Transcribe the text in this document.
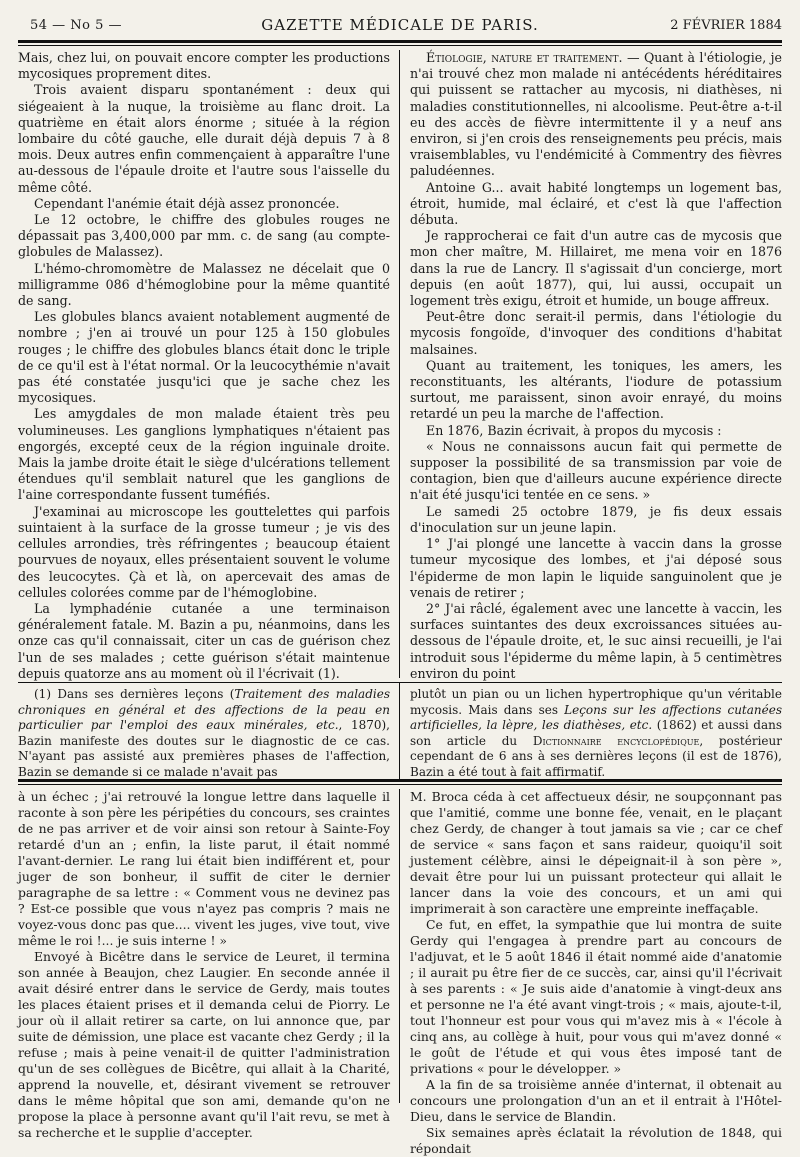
54 — No 5 —	GAZETTE MÉDICALE DE PARIS.	2 FÉVRIER 1884

Mais, chez lui, on pouvait encore compter les productions mycosiques proprement dites.

Trois avaient disparu spontanément : deux qui siégeaient à la nuque, la troisième au flanc droit. La quatrième en était alors énorme ; située à la région lombaire du côté gauche, elle durait déjà depuis 7 à 8 mois. Deux autres enfin commençaient à apparaître l'une au-dessous de l'épaule droite et l'autre sous l'aisselle du même côté.

Cependant l'anémie était déjà assez prononcée.

Le 12 octobre, le chiffre des globules rouges ne dépassait pas 3,400,000 par mm. c. de sang (au compte-globules de Malassez).

L'hémo-chromomètre de Malassez ne décelait que 0 milligramme 086 d'hémoglobine pour la même quantité de sang.

Les globules blancs avaient notablement augmenté de nombre ; j'en ai trouvé un pour 125 à 150 globules rouges ; le chiffre des globules blancs était donc le triple de ce qu'il est à l'état normal. Or la leucocythémie n'avait pas été constatée jusqu'ici que je sache chez les mycosiques.

Les amygdales de mon malade étaient très peu volumineuses. Les ganglions lymphatiques n'étaient pas engorgés, excepté ceux de la région inguinale droite. Mais la jambe droite était le siège d'ulcérations tellement étendues qu'il semblait naturel que les ganglions de l'aine correspondante fussent tuméfiés.

J'examinai au microscope les gouttelettes qui parfois suintaient à la surface de la grosse tumeur ; je vis des cellules arrondies, très réfringentes ; beaucoup étaient pourvues de noyaux, elles présentaient souvent le volume des leucocytes. Çà et là, on apercevait des amas de cellules colorées comme par de l'hémoglobine.

La lymphadénie cutanée a une terminaison généralement fatale. M. Bazin a pu, néanmoins, dans les onze cas qu'il connaissait, citer un cas de guérison chez l'un de ses malades ; cette guérison s'était maintenue depuis quatorze ans au moment où il l'écrivait (1).

Étiologie, nature et traitement. — Quant à l'étiologie, je n'ai trouvé chez mon malade ni antécédents héréditaires qui puissent se rattacher au mycosis, ni diathèses, ni maladies constitutionnelles, ni alcoolisme. Peut-être a-t-il eu des accès de fièvre intermittente il y a neuf ans environ, si j'en crois des renseignements peu précis, mais vraisemblables, vu l'endémicité à Commentry des fièvres paludéennes.

Antoine G... avait habité longtemps un logement bas, étroit, humide, mal éclairé, et c'est là que l'affection débuta.

Je rapprocherai ce fait d'un autre cas de mycosis que mon cher maître, M. Hillairet, me mena voir en 1876 dans la rue de Lancry. Il s'agissait d'un concierge, mort depuis (en août 1877), qui, lui aussi, occupait un logement très exigu, étroit et humide, un bouge affreux.

Peut-être donc serait-il permis, dans l'étiologie du mycosis fongoïde, d'invoquer des conditions d'habitat malsaines.

Quant au traitement, les toniques, les amers, les reconstituants, les altérants, l'iodure de potassium surtout, me paraissent, sinon avoir enrayé, du moins retardé un peu la marche de l'affection.

En 1876, Bazin écrivait, à propos du mycosis :

« Nous ne connaissons aucun fait qui permette de supposer la possibilité de sa transmission par voie de contagion, bien que d'ailleurs aucune expérience directe n'ait été jusqu'ici tentée en ce sens. »

Le samedi 25 octobre 1879, je fis deux essais d'inoculation sur un jeune lapin.

1° J'ai plongé une lancette à vaccin dans la grosse tumeur mycosique des lombes, et j'ai déposé sous l'épiderme de mon lapin le liquide sanguinolent que je venais de retirer ;

2° J'ai râclé, également avec une lancette à vaccin, les surfaces suintantes des deux excroissances situées au-dessous de l'épaule droite, et, le suc ainsi recueilli, je l'ai introduit sous l'épiderme du même lapin, à 5 centimètres environ du point

(1) Dans ses dernières leçons (Traitement des maladies chroniques en général et des affections de la peau en particulier par l'emploi des eaux minérales, etc., 1870), Bazin manifeste des doutes sur le diagnostic de ce cas. N'ayant pas assisté aux premières phases de l'affection, Bazin se demande si ce malade n'avait pas

plutôt un pian ou un lichen hypertrophique qu'un véritable mycosis. Mais dans ses Leçons sur les affections cutanées artificielles, la lèpre, les diathèses, etc. (1862) et aussi dans son article du Dictionnaire encyclopédique, postérieur cependant de 6 ans à ses dernières leçons (il est de 1876), Bazin a été tout à fait affirmatif.

à un échec ; j'ai retrouvé la longue lettre dans laquelle il raconte à son père les péripéties du concours, ses craintes de ne pas arriver et de voir ainsi son retour à Sainte-Foy retardé d'un an ; enfin, la liste parut, il était nommé l'avant-dernier. Le rang lui était bien indifférent et, pour juger de son bonheur, il suffit de citer le dernier paragraphe de sa lettre : « Comment vous ne devinez pas ? Est-ce possible que vous n'ayez pas compris ? mais ne voyez-vous donc pas que.... vivent les juges, vive tout, vive même le roi !... je suis interne ! »

Envoyé à Bicêtre dans le service de Leuret, il termina son année à Beaujon, chez Laugier. En seconde année il avait désiré entrer dans le service de Gerdy, mais toutes les places étaient prises et il demanda celui de Piorry. Le jour où il allait retirer sa carte, on lui annonce que, par suite de démission, une place est vacante chez Gerdy ; il la refuse ; mais à peine venait-il de quitter l'administration qu'un de ses collègues de Bicêtre, qui allait à la Charité, apprend la nouvelle, et, désirant vivement se retrouver dans le même hôpital que son ami, demande qu'on ne propose la place à personne avant qu'il l'ait revu, se met à sa recherche et le supplie d'accepter.

M. Broca céda à cet affectueux désir, ne soupçonnant pas que l'amitié, comme une bonne fée, venait, en le plaçant chez Gerdy, de changer à tout jamais sa vie ; car ce chef de service « sans façon et sans raideur, quoiqu'il soit justement célèbre, ainsi le dépeignait-il à son père », devait être pour lui un puissant protecteur qui allait le lancer dans la voie des concours, et un ami qui imprimerait à son caractère une empreinte ineffaçable.

Ce fut, en effet, la sympathie que lui montra de suite Gerdy qui l'engagea à prendre part au concours de l'adjuvat, et le 5 août 1846 il était nommé aide d'anatomie ; il aurait pu être fier de ce succès, car, ainsi qu'il l'écrivait à ses parents : « Je suis aide d'anatomie à vingt-deux ans et personne ne l'a été avant vingt-trois ; « mais, ajoute-t-il, tout l'honneur est pour vous qui m'avez mis à « l'école à cinq ans, au collège à huit, pour vous qui m'avez donné « le goût de l'étude et qui vous êtes imposé tant de privations « pour le développer. »

A la fin de sa troisième année d'internat, il obtenait au concours une prolongation d'un an et il entrait à l'Hôtel-Dieu, dans le service de Blandin.

Six semaines après éclatait la révolution de 1848, qui répondait
